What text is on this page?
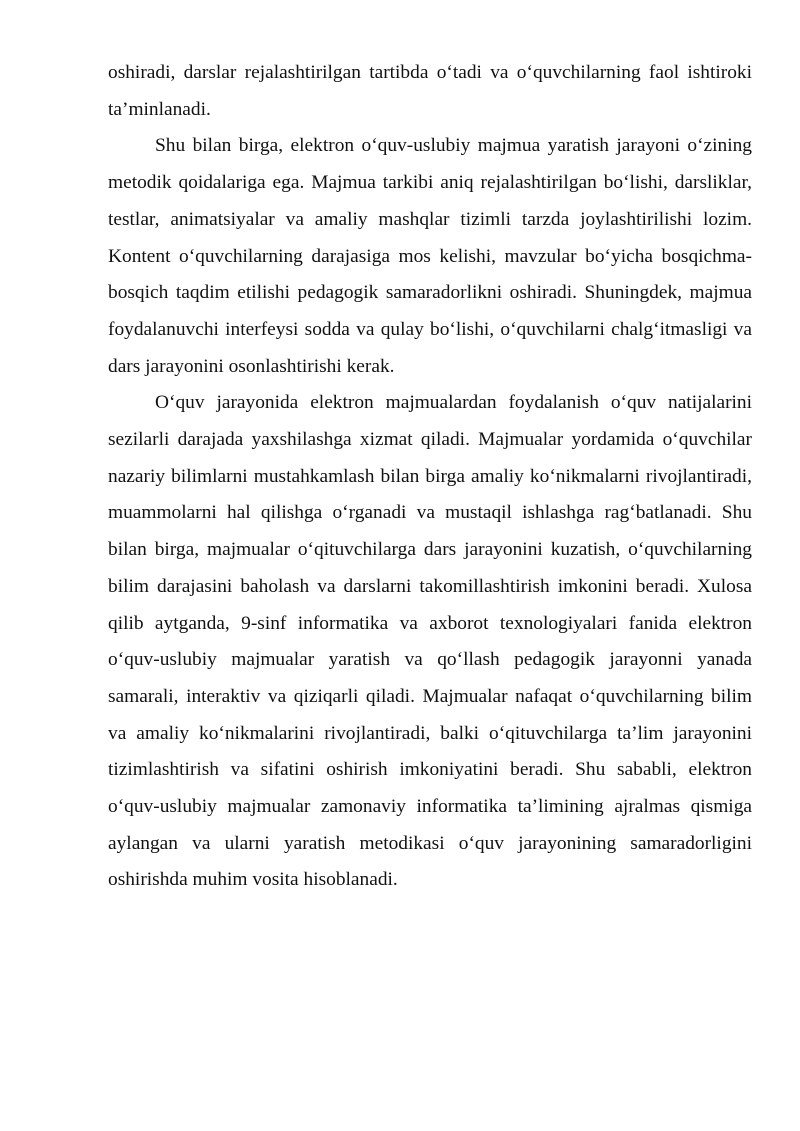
oshiradi, darslar rejalashtirilgan tartibda o‘tadi va o‘quvchilarning faol ishtiroki ta’minlanadi.

Shu bilan birga, elektron o‘quv-uslubiy majmua yaratish jarayoni o‘zining metodik qoidalariga ega. Majmua tarkibi aniq rejalashtirilgan bo‘lishi, darsliklar, testlar, animatsiyalar va amaliy mashqlar tizimli tarzda joylashtirilishi lozim. Kontent o‘quvchilarning darajasiga mos kelishi, mavzular bo‘yicha bosqichma-bosqich taqdim etilishi pedagogik samaradorlikni oshiradi. Shuningdek, majmua foydalanuvchi interfeysi sodda va qulay bo‘lishi, o‘quvchilarni chalg‘itmasligi va dars jarayonini osonlashtirishi kerak.

O‘quv jarayonida elektron majmualardan foydalanish o‘quv natijalarini sezilarli darajada yaxshilashga xizmat qiladi. Majmualar yordamida o‘quvchilar nazariy bilimlarni mustahkamlash bilan birga amaliy ko‘nikmalarni rivojlantiradi, muammolarni hal qilishga o‘rganadi va mustaqil ishlashga rag‘batlanadi. Shu bilan birga, majmualar o‘qituvchilarga dars jarayonini kuzatish, o‘quvchilarning bilim darajasini baholash va darslarni takomillashtirish imkonini beradi. Xulosa qilib aytganda, 9-sinf informatika va axborot texnologiyalari fanida elektron o‘quv-uslubiy majmualar yaratish va qo‘llash pedagogik jarayonni yanada samarali, interaktiv va qiziqarli qiladi. Majmualar nafaqat o‘quvchilarning bilim va amaliy ko‘nikmalarini rivojlantiradi, balki o‘qituvchilarga ta’lim jarayonini tizimlashtirish va sifatini oshirish imkoniyatini beradi. Shu sababli, elektron o‘quv-uslubiy majmualar zamonaviy informatika ta’limining ajralmas qismiga aylangan va ularni yaratish metodikasi o‘quv jarayonining samaradorligini oshirishda muhim vosita hisoblanadi.
